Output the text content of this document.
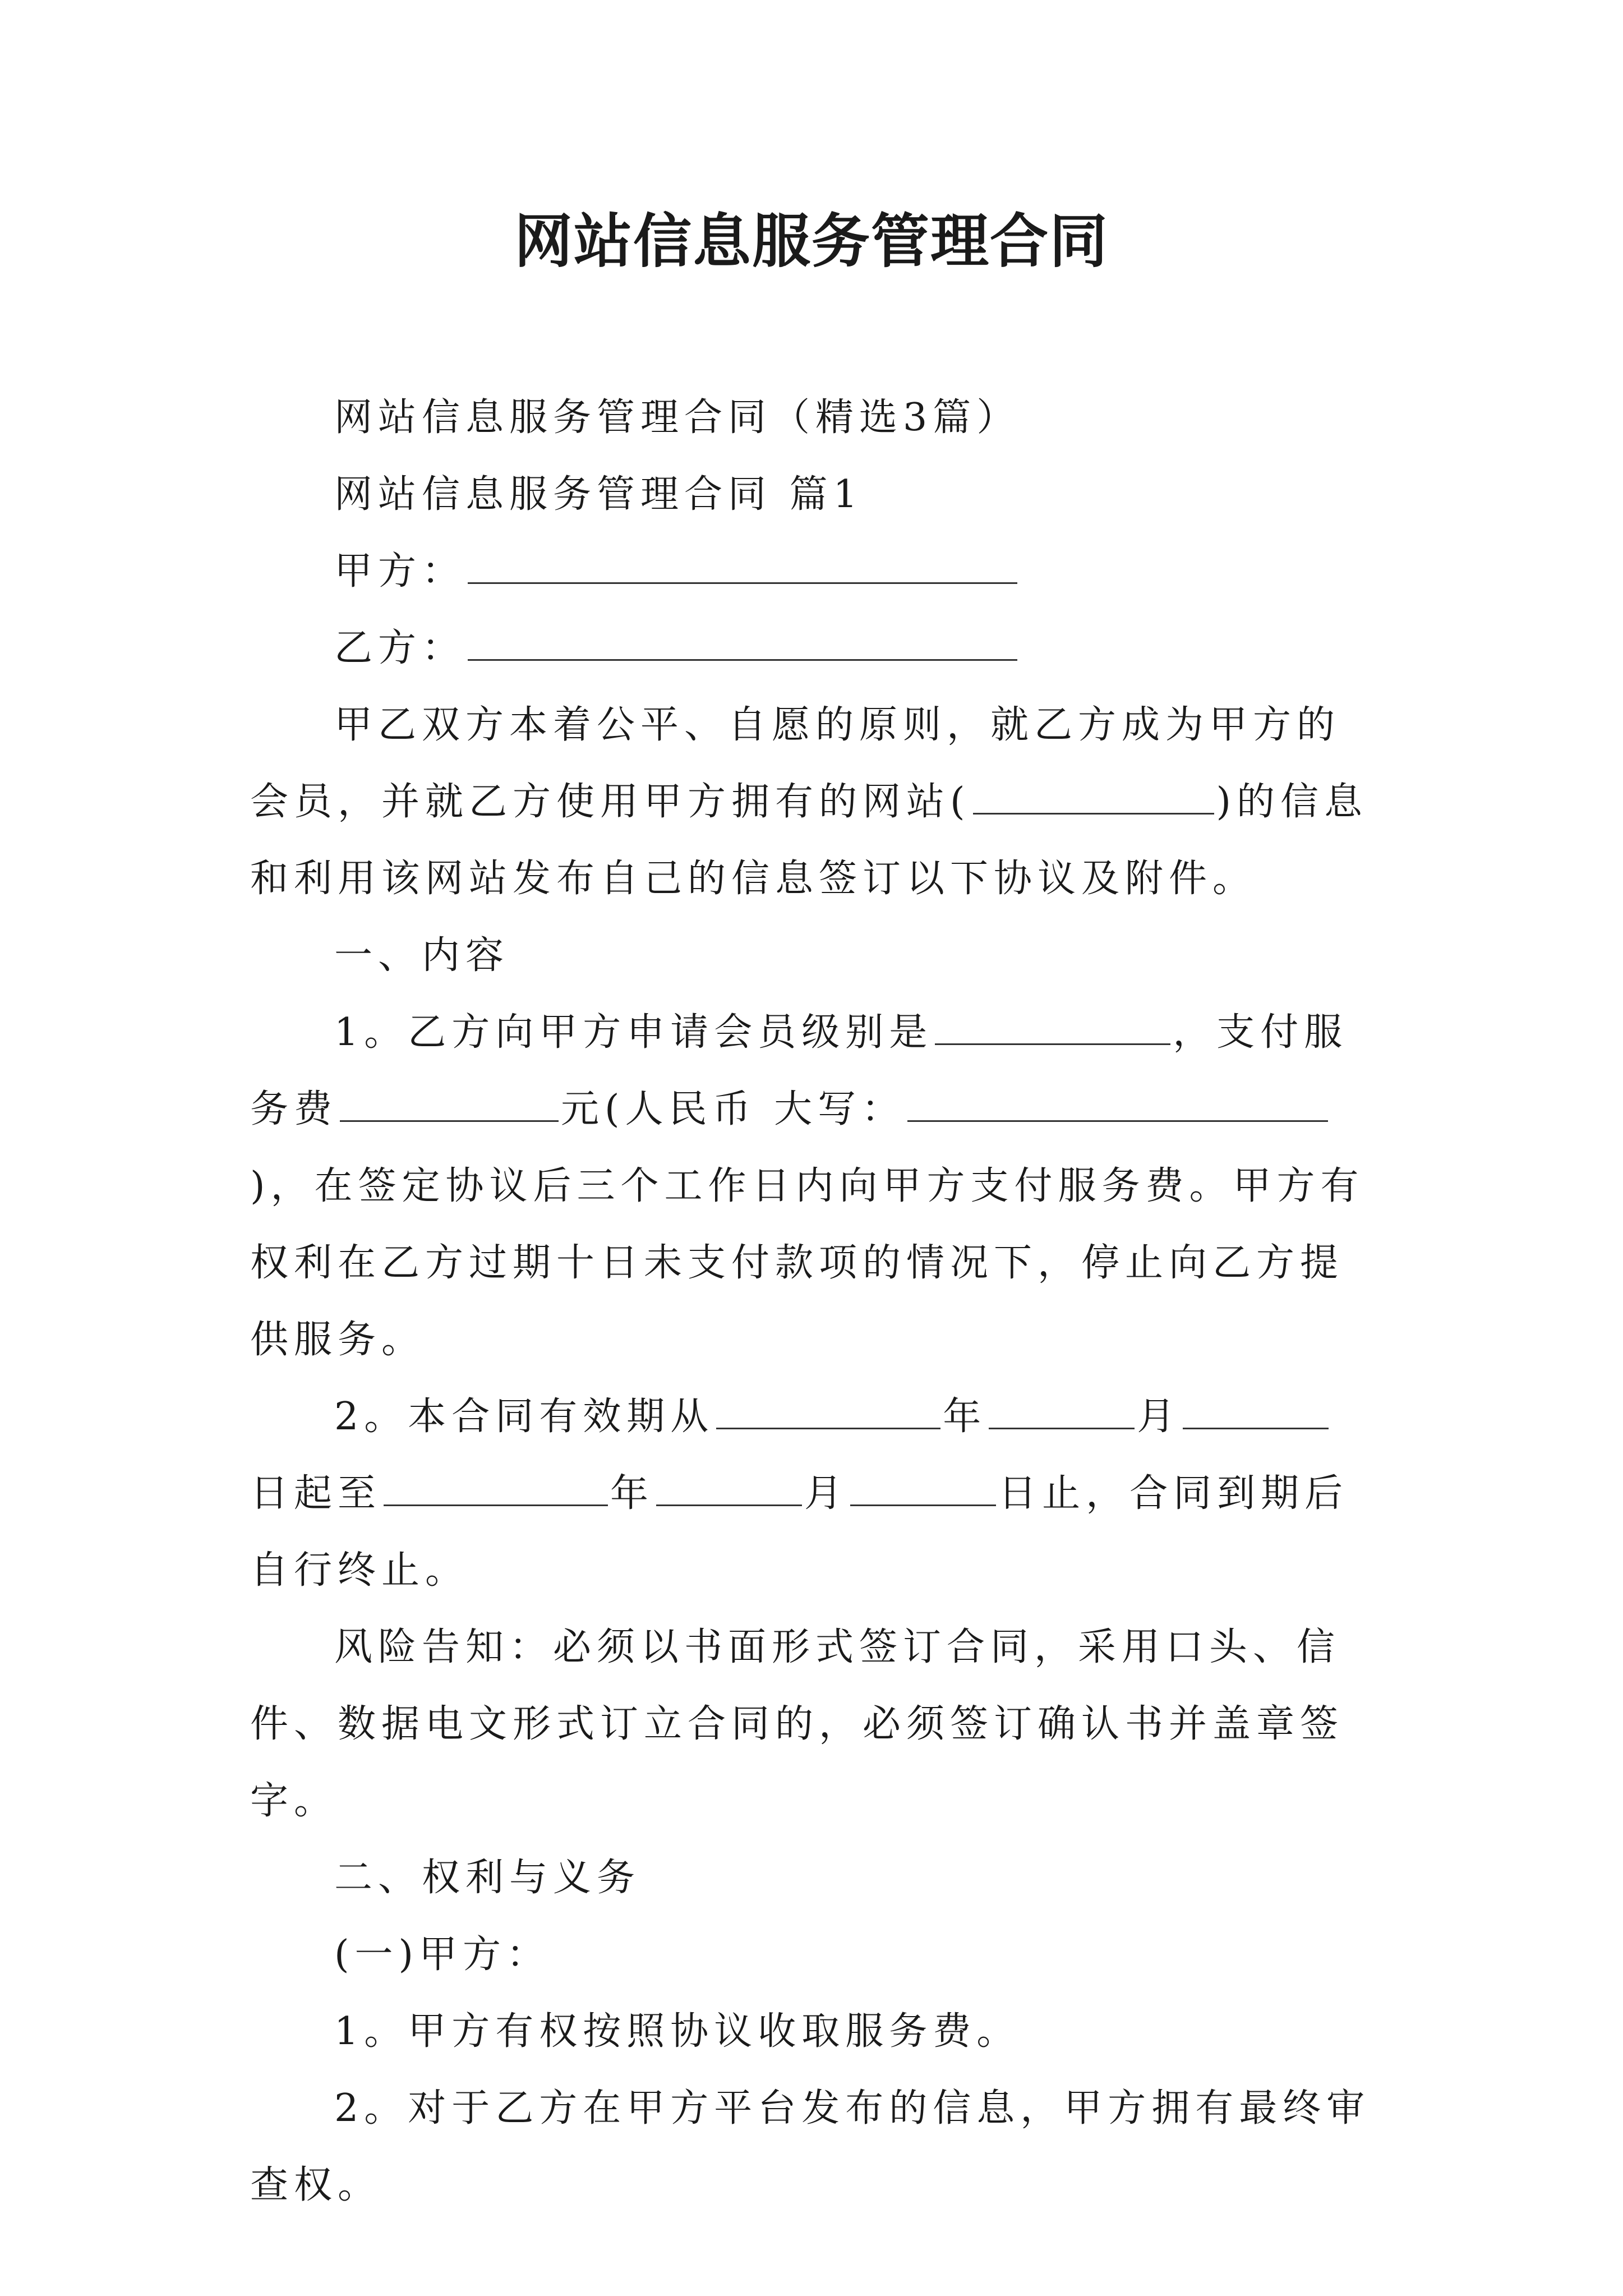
网站信息服务管理合同

网站信息服务管理合同（精选3篇）

网站信息服务管理合同 篇1

甲方：

乙方：

甲乙双方本着公平、自愿的原则，就乙方成为甲方的会员，并就乙方使用甲方拥有的网站(	)的信息和利用该网站发布自己的信息签订以下协议及附件。

一、内容

1。乙方向甲方申请会员级别是	，支付服务费	元(人民币 大写：)，在签定协议后三个工作日内向甲方支付服务费。甲方有权利在乙方过期十日未支付款项的情况下，停止向乙方提供服务。

2。本合同有效期从	年	月日起至	年	月	日止，合同到期后自行终止。

风险告知：必须以书面形式签订合同，采用口头、信件、数据电文形式订立合同的，必须签订确认书并盖章签字。

二、权利与义务

(一)甲方：

1。甲方有权按照协议收取服务费。

2。对于乙方在甲方平台发布的信息，甲方拥有最终审查权。
